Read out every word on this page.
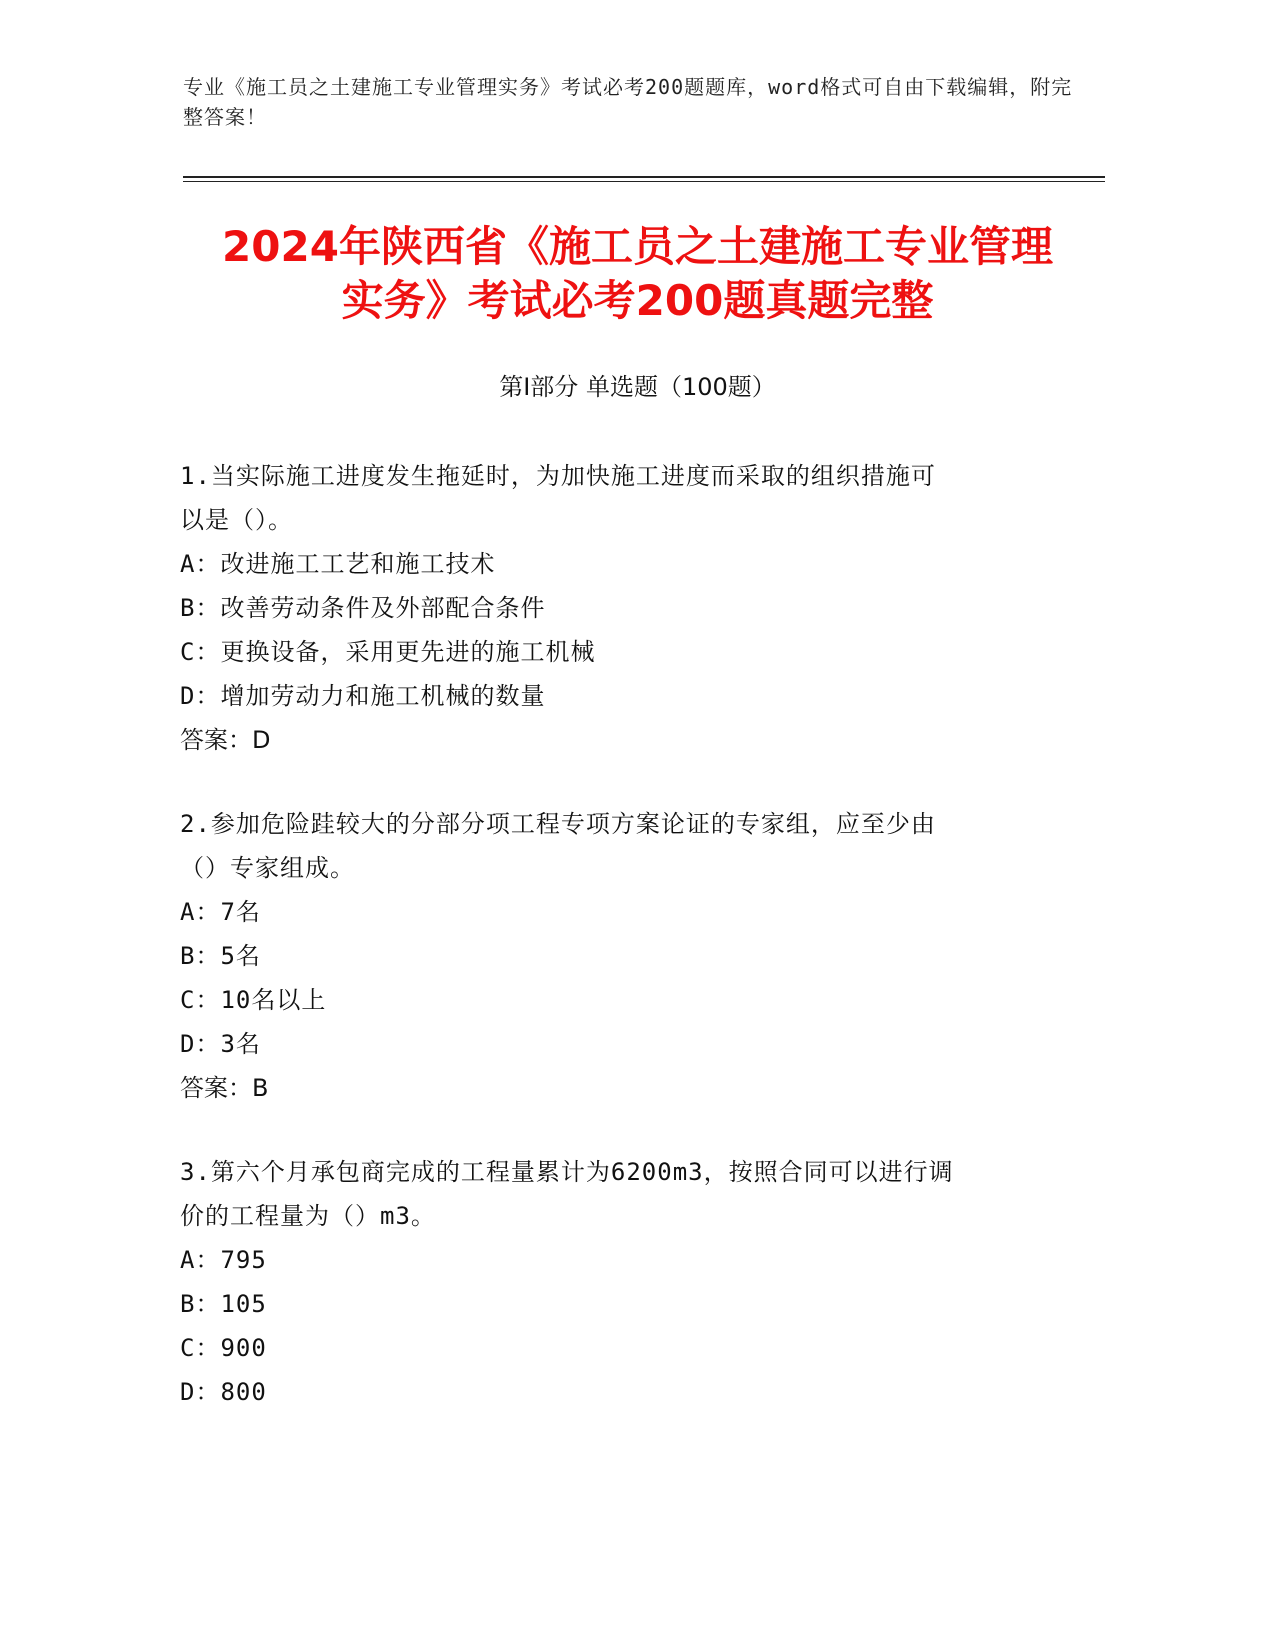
专业《施工员之土建施工专业管理实务》考试必考200题题库，word格式可自由下载编辑，附完整答案！
2024年陕西省《施工员之土建施工专业管理
实务》考试必考200题真题完整
第I部分 单选题（100题）

1.当实际施工进度发生拖延时，为加快施工进度而采取的组织措施可

以是（）。

A：改进施工工艺和施工技术

B：改善劳动条件及外部配合条件

C：更换设备，采用更先进的施工机械

D：增加劳动力和施工机械的数量

答案：D

2.参加危险跬较大的分部分项工程专项方案论证的专家组，应至少由

（）专家组成。

A：7名

B：5名

C：10名以上

D：3名

答案：B

3.第六个月承包商完成的工程量累计为6200m3，按照合同可以进行调

价的工程量为（）m3。

A：795

B：105

C：900

D：800
